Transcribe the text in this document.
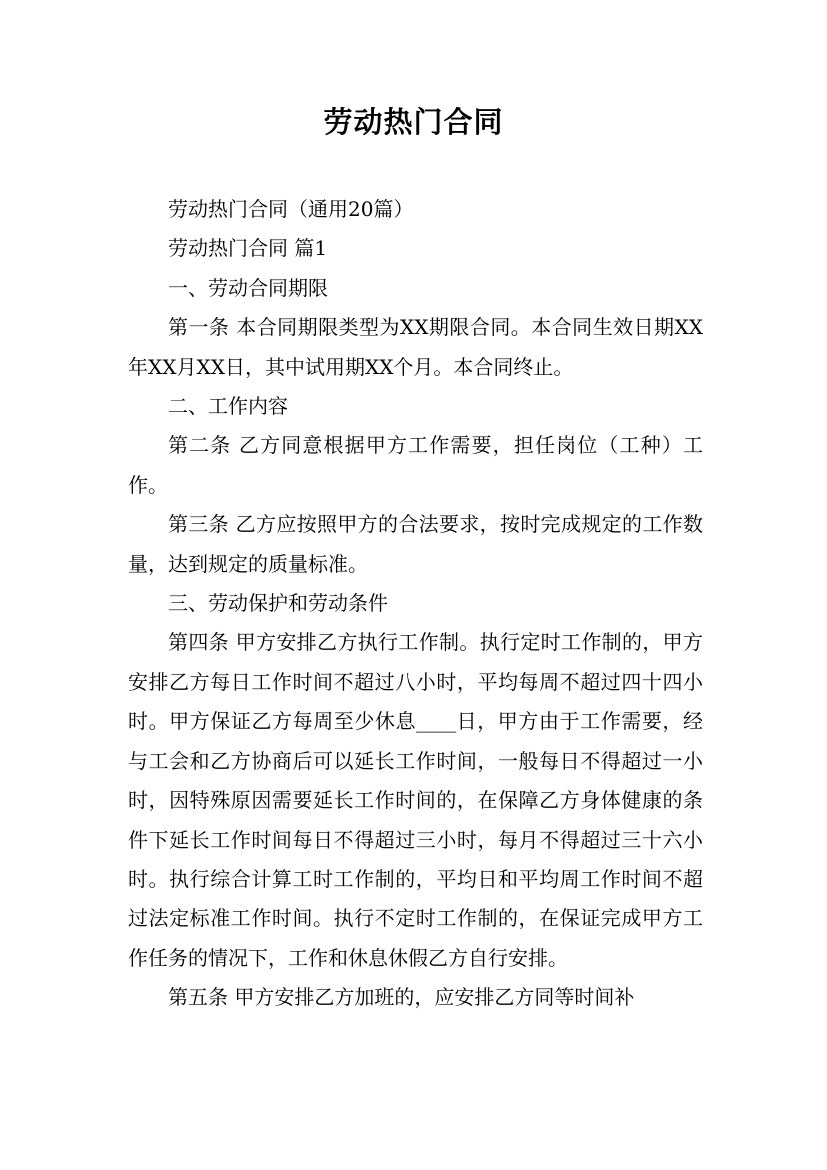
劳动热门合同

劳动热门合同（通用20篇）

劳动热门合同 篇1

一、劳动合同期限

第一条 本合同期限类型为XX期限合同。本合同生效日期XX年XX月XX日，其中试用期XX个月。本合同终止。

二、工作内容

第二条 乙方同意根据甲方工作需要，担任岗位（工种）工作。

第三条 乙方应按照甲方的合法要求，按时完成规定的工作数量，达到规定的质量标准。

三、劳动保护和劳动条件

第四条 甲方安排乙方执行工作制。执行定时工作制的，甲方安排乙方每日工作时间不超过八小时，平均每周不超过四十四小时。甲方保证乙方每周至少休息____日，甲方由于工作需要，经与工会和乙方协商后可以延长工作时间，一般每日不得超过一小时，因特殊原因需要延长工作时间的，在保障乙方身体健康的条件下延长工作时间每日不得超过三小时，每月不得超过三十六小时。执行综合计算工时工作制的，平均日和平均周工作时间不超过法定标准工作时间。执行不定时工作制的，在保证完成甲方工作任务的情况下，工作和休息休假乙方自行安排。

第五条 甲方安排乙方加班的，应安排乙方同等时间补
